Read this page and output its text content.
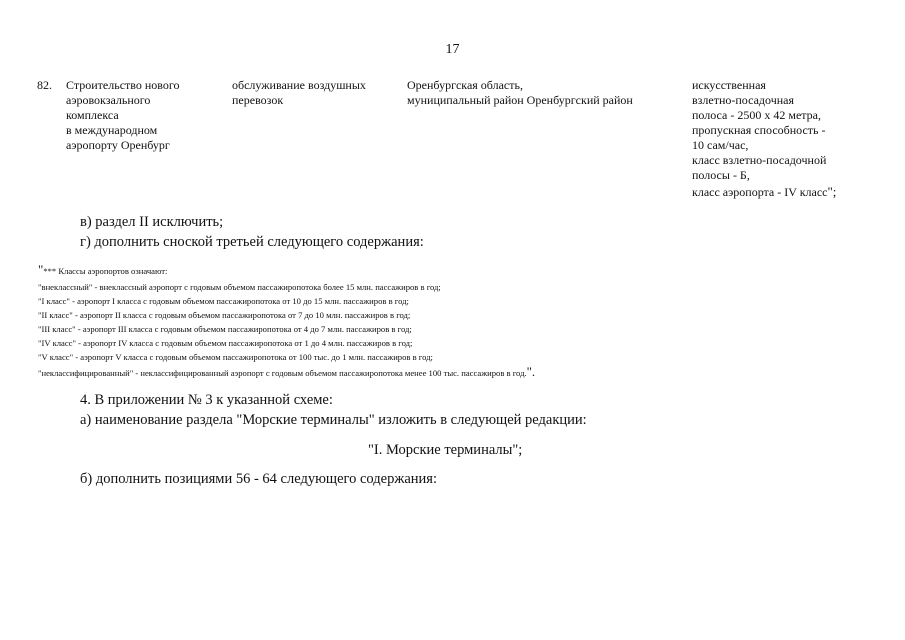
17
82. Строительство нового
аэровокзального
комплекса
в международном
аэропорту Оренбург
обслуживание воздушных
перевозок
Оренбургская область,
муниципальный район Оренбургский район
искусственная
взлетно-посадочная
полоса - 2500 х 42 метра,
пропускная способность -
10 сам/час,
класс взлетно-посадочной
полосы - Б,
класс аэропорта - IV класс";
в) раздел II исключить;
г) дополнить сноской третьей следующего содержания:
"*** Классы аэропортов означают:
"внеклассный" - внеклассный аэропорт с годовым объемом пассажиропотока более 15 млн. пассажиров в год;
"I класс" - аэропорт I класса с годовым объемом пассажиропотока от 10 до 15 млн. пассажиров в год;
"II класс" - аэропорт II класса с годовым объемом пассажиропотока от 7 до 10 млн. пассажиров в год;
"III класс" - аэропорт III класса с годовым объемом пассажиропотока от 4 до 7 млн. пассажиров в год;
"IV класс" - аэропорт IV класса с годовым объемом пассажиропотока от 1 до 4 млн. пассажиров в год;
"V класс" - аэропорт V класса с годовым объемом пассажиропотока от 100 тыс. до 1 млн. пассажиров в год;
"неклассифицированный" - неклассифицированный аэропорт с годовым объемом пассажиропотока менее 100 тыс. пассажиров в год.".
4. В приложении № 3 к указанной схеме:
а) наименование раздела "Морские терминалы" изложить в следующей редакции:
"I. Морские терминалы";
б) дополнить позициями 56 - 64 следующего содержания:
